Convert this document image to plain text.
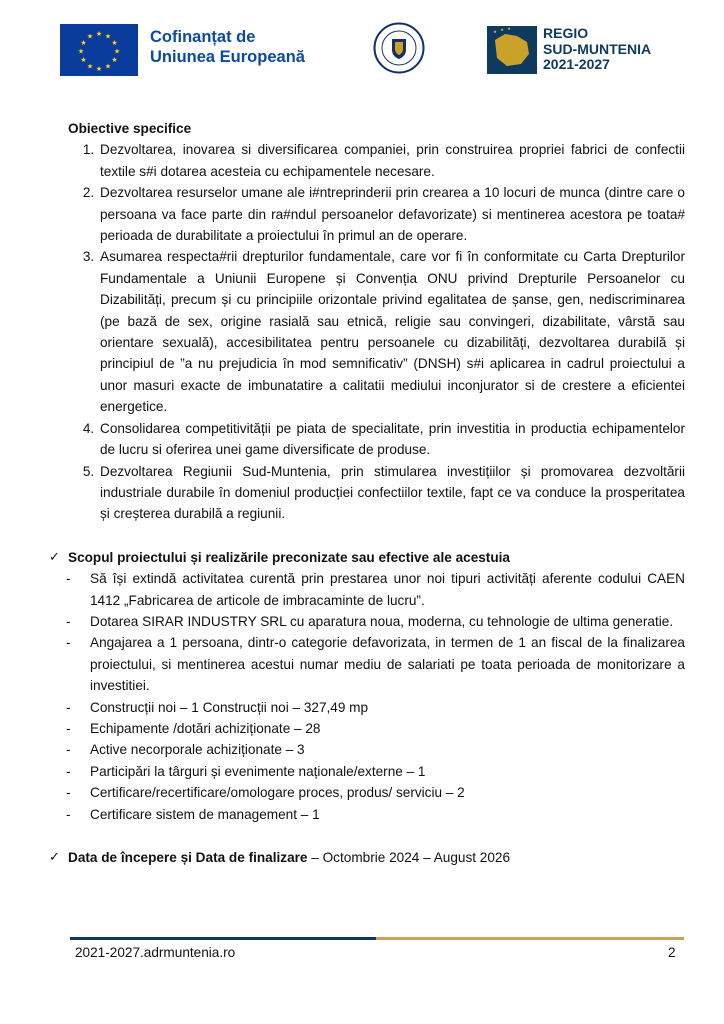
★ ★
★
★
★
★
★
★
★
★
★
★	Cofinanțat de
Uniunea Europeană
★ ★ ★ REGIO
SUD-MUNTENIA
2021-2027

Obiective specifice

1. Dezvoltarea, inovarea si diversificarea companiei, prin construirea propriei fabrici de confectii textile s#i dotarea acesteia cu echipamentele necesare.
2. Dezvoltarea resurselor umane ale i#ntreprinderii prin crearea a 10 locuri de munca (dintre care o persoana va face parte din ra#ndul persoanelor defavorizate) si mentinerea acestora pe toata# perioada de durabilitate a proiectului în primul an de operare.
3. Asumarea respecta#rii drepturilor fundamentale, care vor fi în conformitate cu Carta Drepturilor Fundamentale a Uniunii Europene și Convenția ONU privind Drepturile Persoanelor cu Dizabilități, precum și cu principiile orizontale privind egalitatea de șanse, gen, nediscriminarea (pe bază de sex, origine rasială sau etnică, religie sau convingeri, dizabilitate, vârstă sau orientare sexuală), accesibilitatea pentru persoanele cu dizabilități, dezvoltarea durabilă și principiul de ”a nu prejudicia în mod semnificativ” (DNSH) s#i aplicarea in cadrul proiectului a unor masuri exacte de imbunatatire a calitatii mediului inconjurator si de crestere a eficientei energetice.
4. Consolidarea competitivității pe piata de specialitate, prin investitia in productia echipamentelor de lucru si oferirea unei game diversificate de produse.
5. Dezvoltarea Regiunii Sud-Muntenia, prin stimularea investițiilor și promovarea dezvoltării industriale durabile în domeniul producției confectiilor textile, fapt ce va conduce la prosperitatea și creșterea durabilă a regiunii.
✓ Scopul proiectului și realizările preconizate sau efective ale acestuia
- Să își extindă activitatea curentă prin prestarea unor noi tipuri activități aferente codului CAEN 1412 „Fabricarea de articole de imbracaminte de lucru”.
- Dotarea SIRAR INDUSTRY SRL cu aparatura noua, moderna, cu tehnologie de ultima generatie.
- Angajarea a 1 persoana, dintr-o categorie defavorizata, in termen de 1 an fiscal de la finalizarea proiectului, si mentinerea acestui numar mediu de salariati pe toata perioada de monitorizare a investitiei.
- Construcții noi – 1 Construcții noi – 327,49 mp
- Echipamente /dotări achiziționate – 28
- Active necorporale achiziționate – 3
- Participări la târguri și evenimente naționale/externe – 1
- Certificare/recertificare/omologare proces, produs/ serviciu – 2
- Certificare sistem de management – 1
✓ Data de începere și Data de finalizare – Octombrie 2024 – August 2026
2021-2027.adrmuntenia.ro	2
